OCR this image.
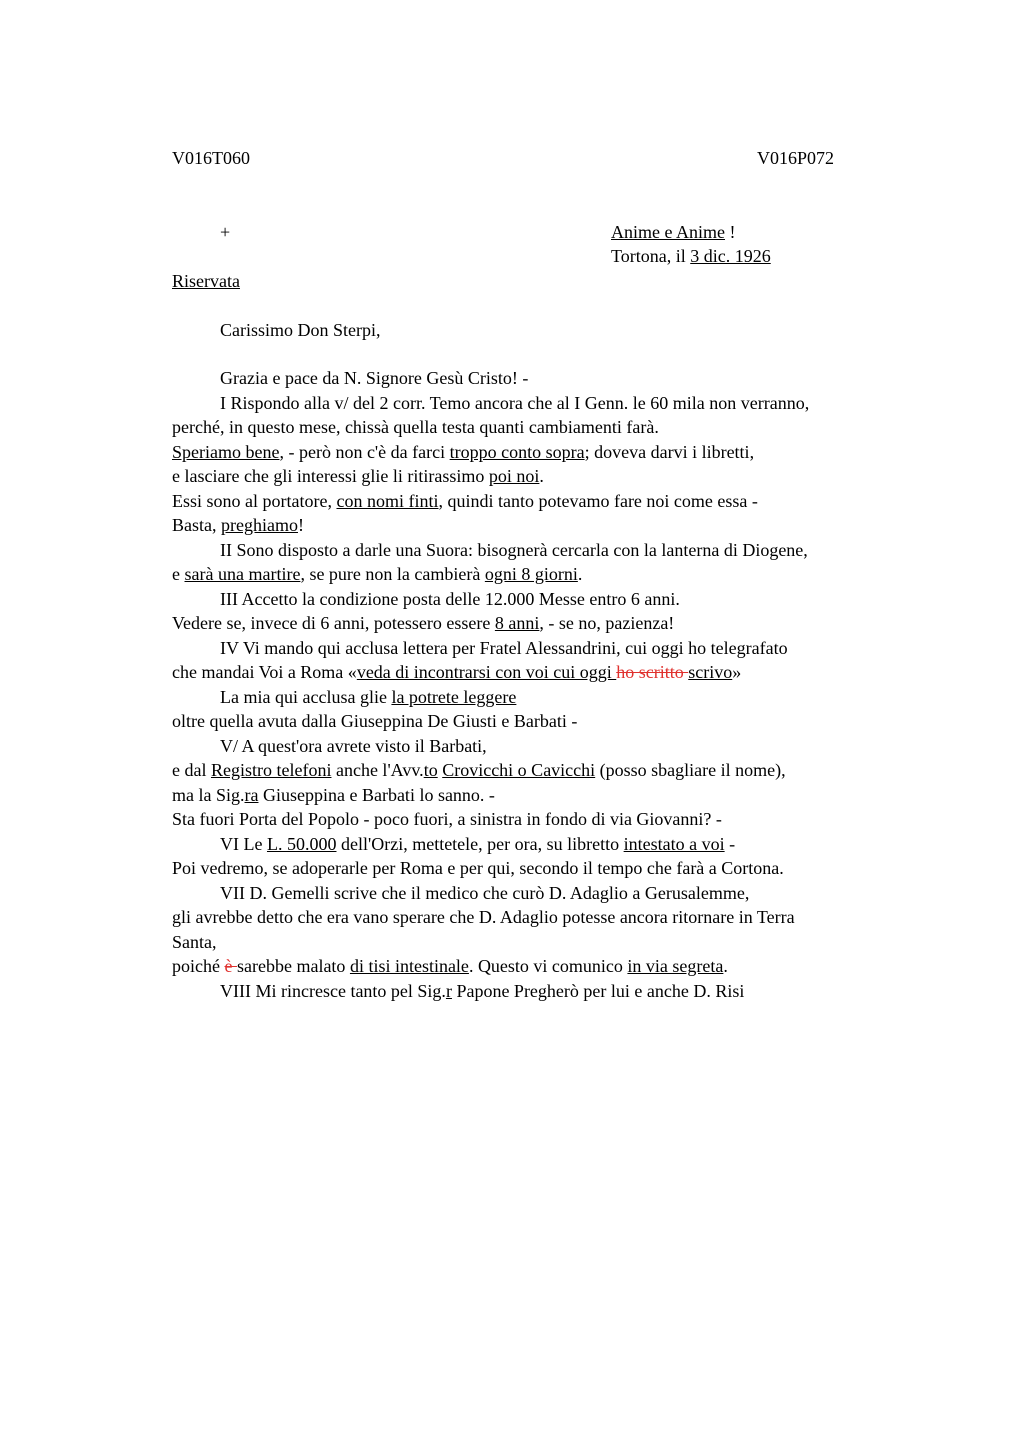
V016T060	V016P072
+	Anime e Anime !
Tortona, il 3 dic. 1926
Riservata
Carissimo Don Sterpi,
Grazia e pace da N. Signore Gesù Cristo! -
I Rispondo alla v/ del 2 corr. Temo ancora che al I Genn. le 60 mila non verranno,
perché, in questo mese, chissà quella testa quanti cambiamenti farà.
Speriamo bene, - però non c'è da farci troppo conto sopra; doveva darvi i libretti,
e lasciare che gli interessi glie li ritirassimo poi noi.
Essi sono al portatore, con nomi finti, quindi tanto potevamo fare noi come essa -
Basta, preghiamo!
II Sono disposto a darle una Suora: bisognerà cercarla con la lanterna di Diogene,
e sarà una martire, se pure non la cambierà ogni 8 giorni.
III Accetto la condizione posta delle 12.000 Messe entro 6 anni.
Vedere se, invece di 6 anni, potessero essere 8 anni, - se no, pazienza!
IV Vi mando qui acclusa lettera per Fratel Alessandrini, cui oggi ho telegrafato
che mandai Voi a Roma «veda di incontrarsi con voi cui oggi ho scritto scrivo»
La mia qui acclusa glie la potrete leggere
oltre quella avuta dalla Giuseppina De Giusti e Barbati -
V/ A quest'ora avrete visto il Barbati,
e dal Registro telefoni anche l'Avv.to Crovicchi o Cavicchi (posso sbagliare il nome),
ma la Sig.ra Giuseppina e Barbati lo sanno. -
Sta fuori Porta del Popolo - poco fuori, a sinistra in fondo di via Giovanni? -
VI Le L. 50.000 dell'Orzi, mettetele, per ora, su libretto intestato a voi -
Poi vedremo, se adoperarle per Roma e per qui, secondo il tempo che farà a Cortona.
VII D. Gemelli scrive che il medico che curò D. Adaglio a Gerusalemme,
gli avrebbe detto che era vano sperare che D. Adaglio potesse ancora ritornare in Terra
Santa,
poiché è sarebbe malato di tisi intestinale. Questo vi comunico in via segreta.
VIII Mi rincresce tanto pel Sig.r Papone Pregherò per lui e anche D. Risi
